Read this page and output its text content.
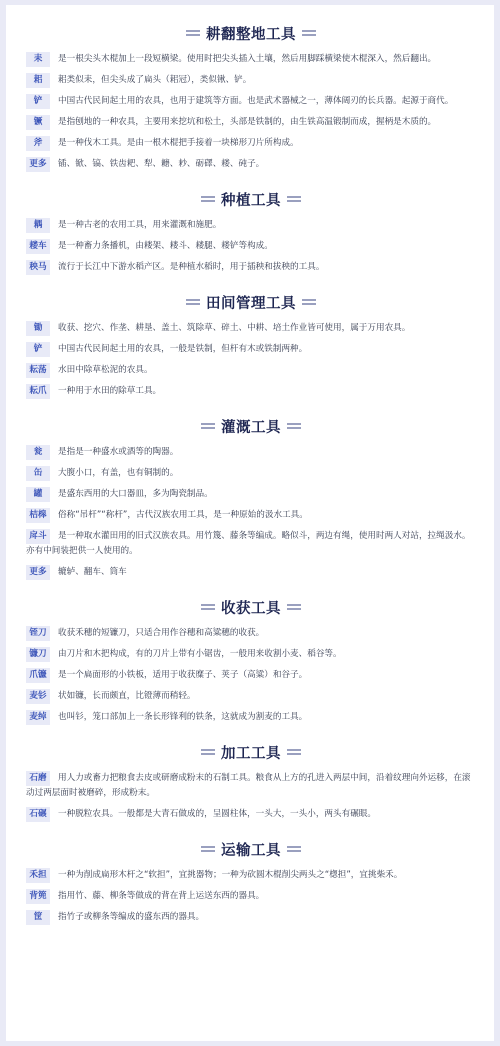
耕翻整地工具
耒 是一根尖头木棍加上一段短横梁。使用时把尖头插入土壤，然后用脚踩横梁使木棍深入，然后翻出。
耜 耜类似耒，但尖头成了扁头（耜冠），类似锹、铲。
铲 中国古代民间起土用的农具，也用于建筑等方面。也是武术器械之一，薄体阔刃的长兵器。起源于商代。
镢 是指刨地的一种农具，主要用来挖坑和松土，头部是铁制的，由生铁高温锻制而成，握柄是木质的。
斧 是一种伐木工具。是由一根木棍把手接着一块梯形刀片所构成。
更多 锸、锨、镐、铁齿耙、犁、耱、耖、砺礋、耧、砘子。
种植工具
耦 是一种古老的农用工具，用来灌溉和施肥。
耧车 是一种畜力条播机，由耧架、耧斗、耧腿、耧铲等构成。
秧马 流行于长江中下游水稻产区。是种植水稻时，用于插秧和拔秧的工具。
田间管理工具
锄 收获、挖穴、作垄、耕垦、盖土、筑除草、碎土、中耕、培土作业皆可使用，属于万用农具。
铲 中国古代民间起土用的农具，一般是铁制，但杆有木或铁制两种。
耘荡 水田中除草松泥的农具。
耘爪 一种用于水田的除草工具。
灌溉工具
瓮 是指是一种盛水或酒等的陶器。
缶 大腹小口，有盖，也有铜制的。
罐 是盛东西用的大口器皿，多为陶瓷制品。
桔槔 俗称“吊杆”“称杆”，古代汉族农用工具，是一种原始的汲水工具。
戽斗 是一种取水灌田用的旧式汉族农具。用竹篾、藤条等编成。略似斗，两边有绳，使用时两人对站，拉绳汲水。亦有中间装把供一人使用的。
更多 辘轳、翻车、筒车
收获工具
铚刀 收获禾穗的短镰刀，只适合用作谷穗和高粱穗的收获。
镰刀 由刀片和木把构成，有的刀片上带有小锯齿，一般用来收割小麦、稻谷等。
爪镰 是一个扁面形的小铁板，适用于收获糜子、荚子（高粱）和谷子。
麦钐 状如镰，长而颇直，比镫薄而稍轻。
麦绰 也叫钐，笼口部加上一条长形锋利的铁条，这就成为割麦的工具。
加工工具
石磨 用人力或畜力把粮食去皮或研磨成粉末的石制工具。粮食从上方的孔进入两层中间，沿着纹理向外运移，在滚动过两层面时被磨碎，形成粉末。
石碾 一种脱粒农具。一般都是大青石做成的，呈圆柱体，一头大，一头小，两头有碾眼。
运输工具
禾担 一种为削成扁形木杆之“软担”，宜挑器物；一种为砍圆木棍削尖两头之“楤担”，宜挑柴禾。
背篼 指用竹、藤、柳条等做成的背在背上运送东西的器具。
筐 指竹子或柳条等编成的盛东西的器具。
